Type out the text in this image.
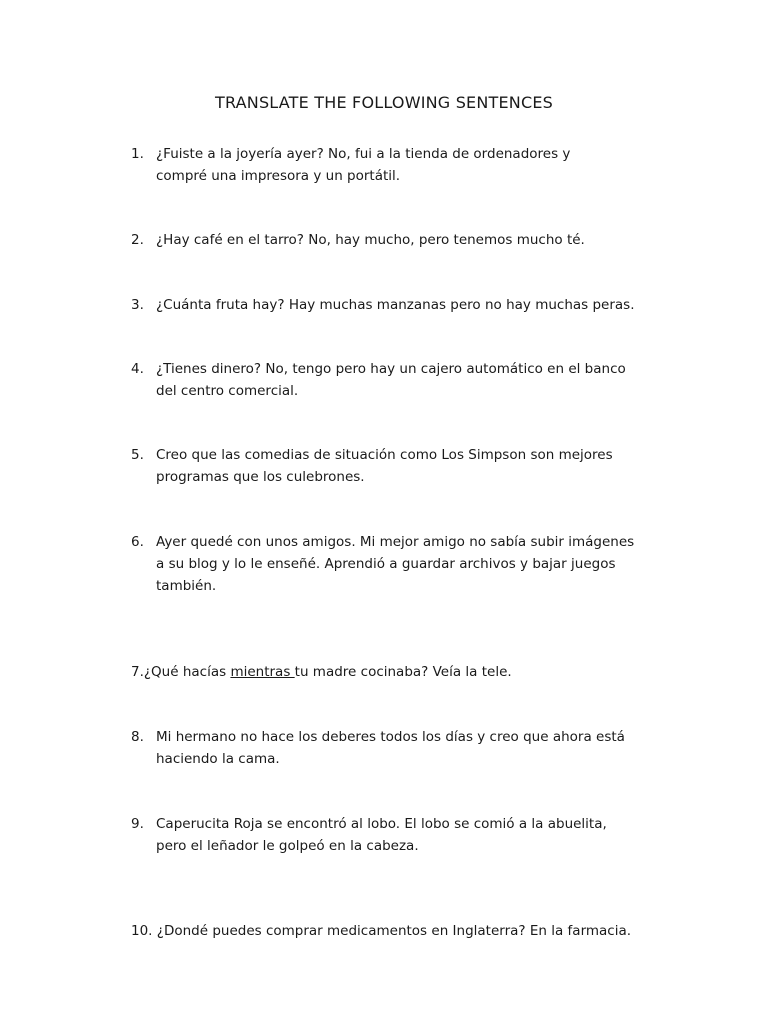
TRANSLATE THE FOLLOWING SENTENCES
1. ¿Fuiste a la joyería ayer? No, fui a la tienda de ordenadores y
compré una impresora y un portátil.
2. ¿Hay café en el tarro? No, hay mucho, pero tenemos mucho té.
3. ¿Cuánta fruta hay? Hay muchas manzanas pero no hay muchas peras.
4. ¿Tienes dinero? No, tengo pero hay un cajero automático en el banco
del centro comercial.
5. Creo que las comedias de situación como Los Simpson son mejores
programas que los culebrones.
6. Ayer quedé con unos amigos. Mi mejor amigo no sabía subir imágenes
a su blog y lo le enseñé. Aprendió a guardar archivos y bajar juegos
también.
7.¿Qué hacías mientras tu madre cocinaba? Veía la tele.
8. Mi hermano no hace los deberes todos los días y creo que ahora está
haciendo la cama.
9. Caperucita Roja se encontró al lobo. El lobo se comió a la abuelita,
pero el leñador le golpeó en la cabeza.
10. ¿Dondé puedes comprar medicamentos en Inglaterra? En la farmacia.
